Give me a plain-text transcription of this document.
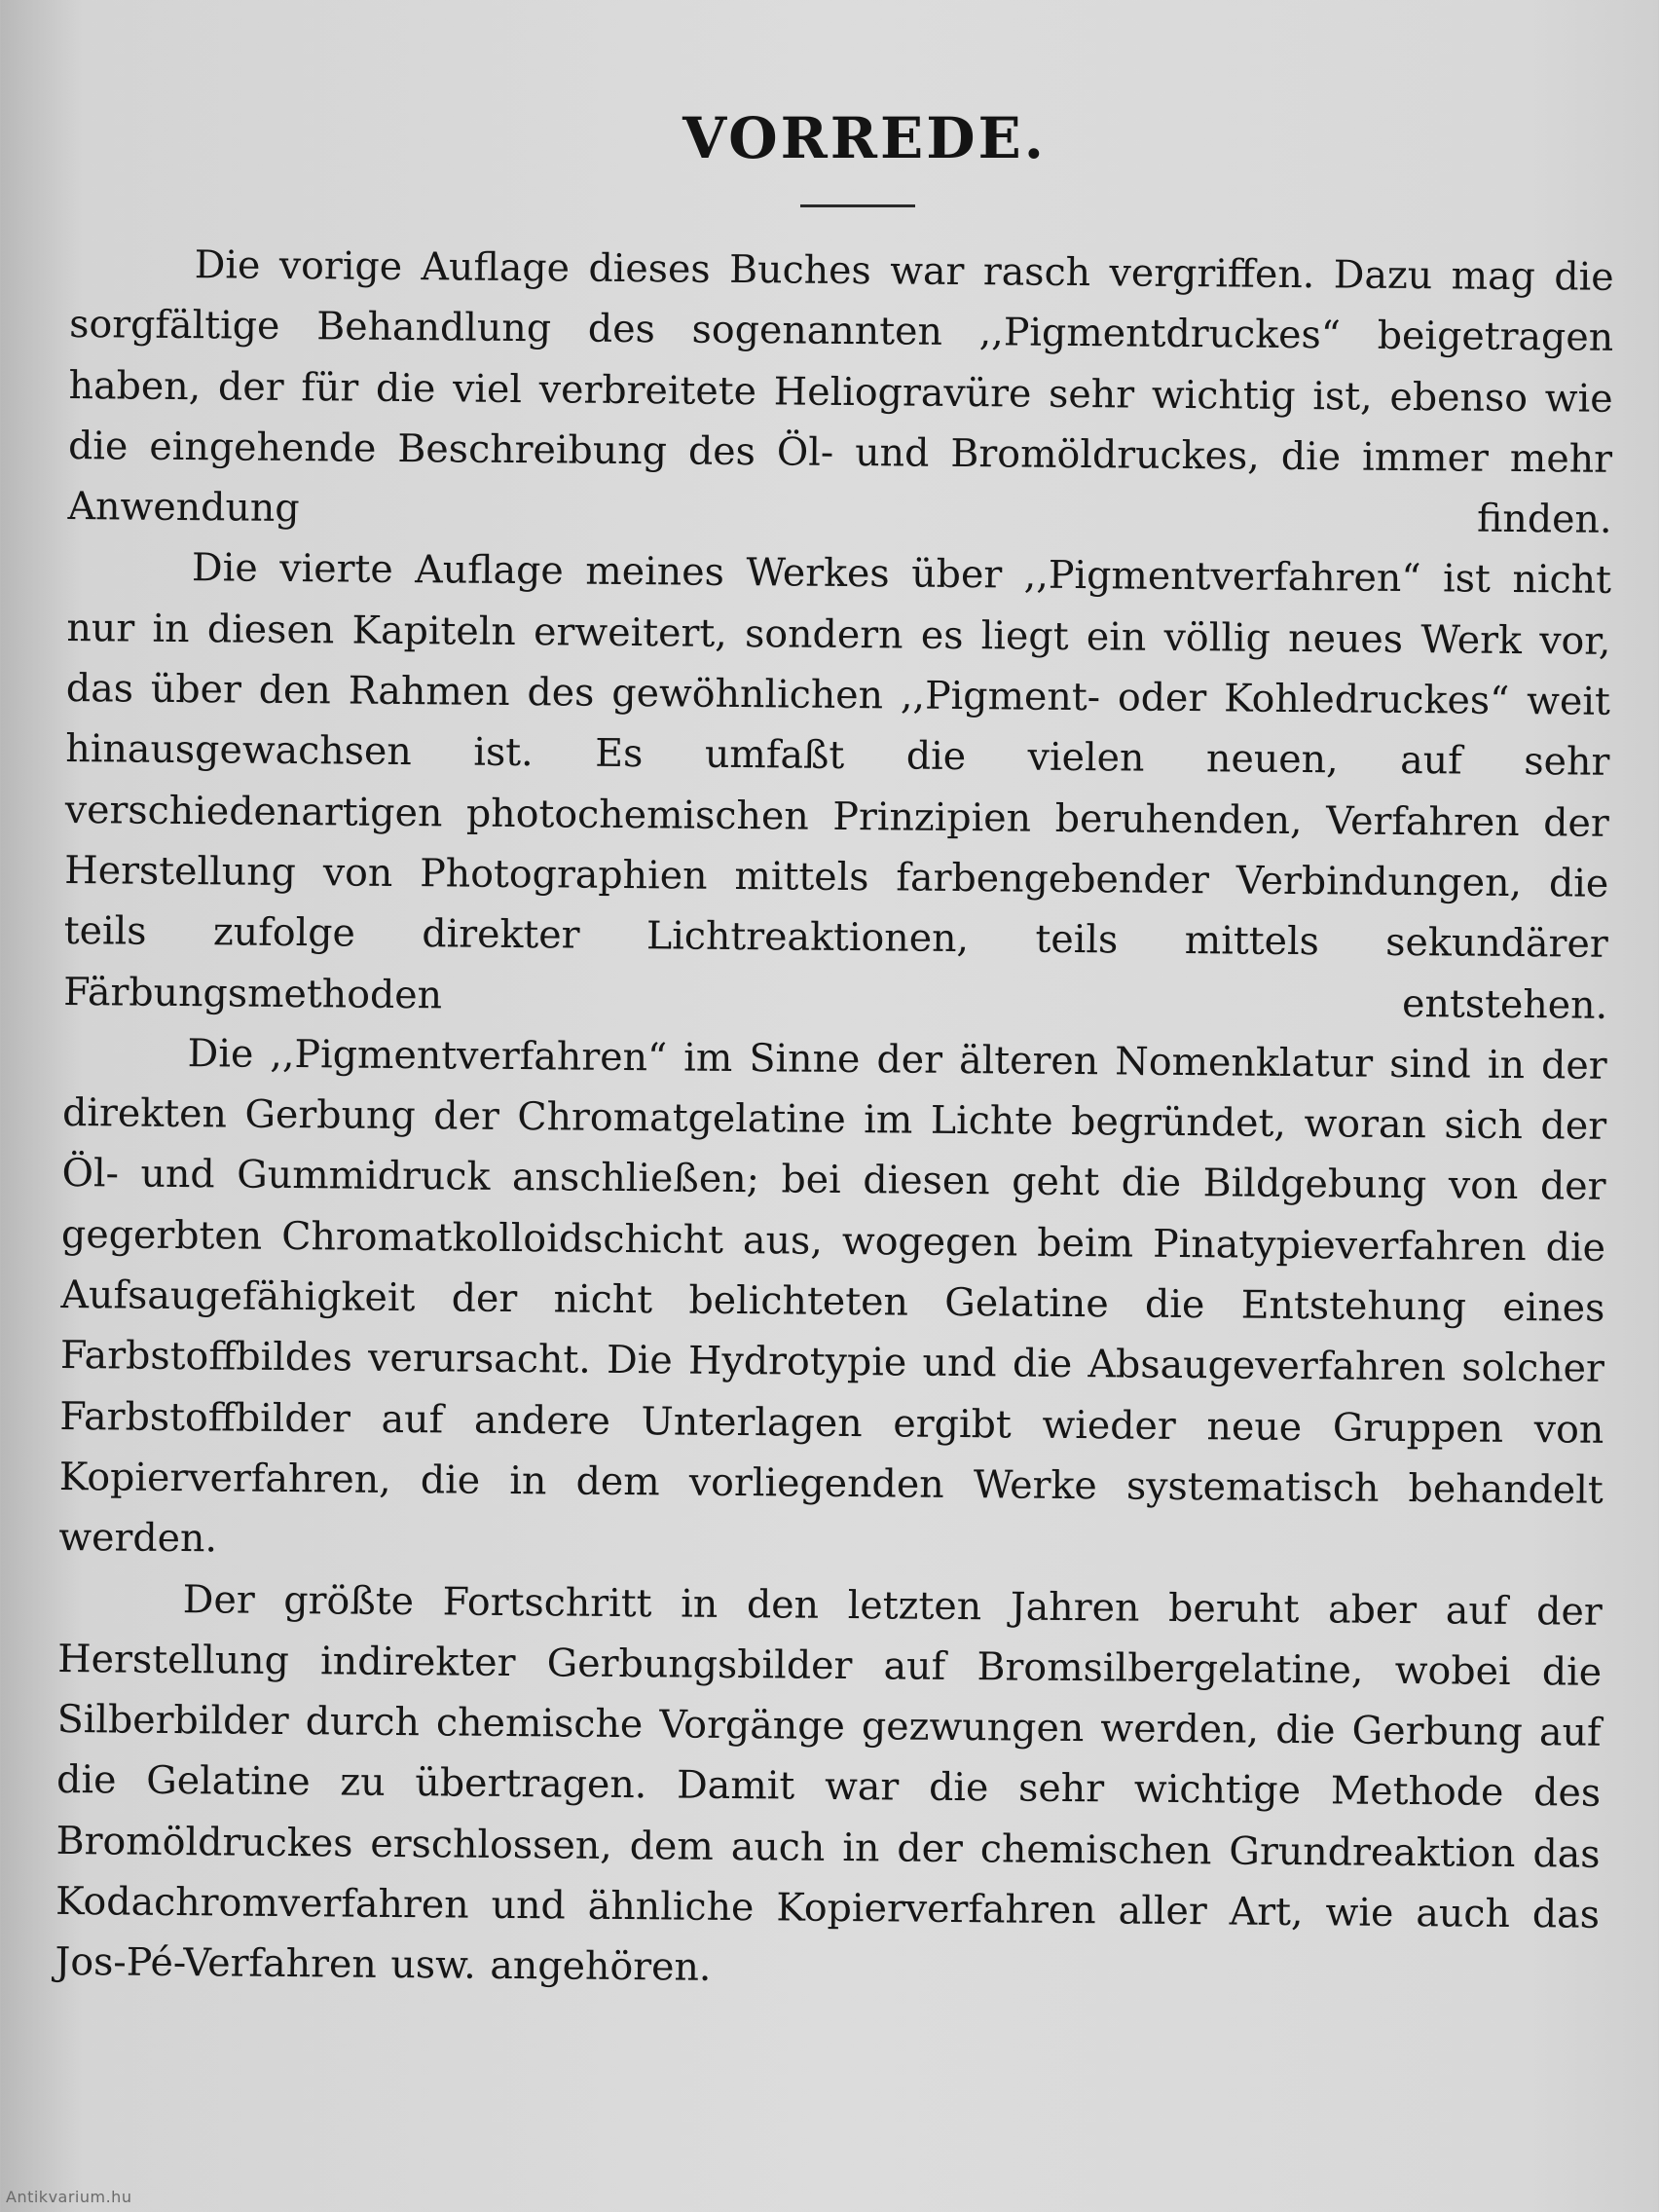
VORREDE.

Die vorige Auflage dieses Buches war rasch vergriffen. Dazu mag die sorgfältige Behandlung des sogenannten ,,Pigmentdruckes“ beigetragen haben, der für die viel verbreitete Heliogravüre sehr wichtig ist, ebenso wie die eingehende Beschreibung des Öl- und Bromöldruckes, die immer mehr Anwendung finden.

Die vierte Auflage meines Werkes über ,,Pigmentverfahren“ ist nicht nur in diesen Kapiteln erweitert, sondern es liegt ein völlig neues Werk vor, das über den Rahmen des gewöhnlichen ,,Pigment- oder Kohledruckes“ weit hinausgewachsen ist. Es umfaßt die vielen neuen, auf sehr verschiedenartigen photochemischen Prinzipien beruhenden, Verfahren der Herstellung von Photographien mittels farbengebender Verbindungen, die teils zufolge direkter Lichtreaktionen, teils mittels sekundärer Färbungsmethoden entstehen.

Die ,,Pigmentverfahren“ im Sinne der älteren Nomenklatur sind in der direkten Gerbung der Chromatgelatine im Lichte begründet, woran sich der Öl- und Gummidruck anschließen; bei diesen geht die Bildgebung von der gegerbten Chromatkolloidschicht aus, wogegen beim Pinatypieverfahren die Aufsaugefähigkeit der nicht belichteten Gelatine die Entstehung eines Farbstoffbildes verursacht. Die Hydrotypie und die Absaugeverfahren solcher Farbstoffbilder auf andere Unterlagen ergibt wieder neue Gruppen von Kopierverfahren, die in dem vorliegenden Werke systematisch behandelt werden.

Der größte Fortschritt in den letzten Jahren beruht aber auf der Herstellung indirekter Gerbungsbilder auf Bromsilbergelatine, wobei die Silberbilder durch chemische Vorgänge gezwungen werden, die Gerbung auf die Gelatine zu übertragen. Damit war die sehr wichtige Methode des Bromöldruckes erschlossen, dem auch in der chemischen Grundreaktion das Kodachromverfahren und ähnliche Kopierverfahren aller Art, wie auch das Jos-Pé-Verfahren usw. angehören.

Antikvarium.hu
